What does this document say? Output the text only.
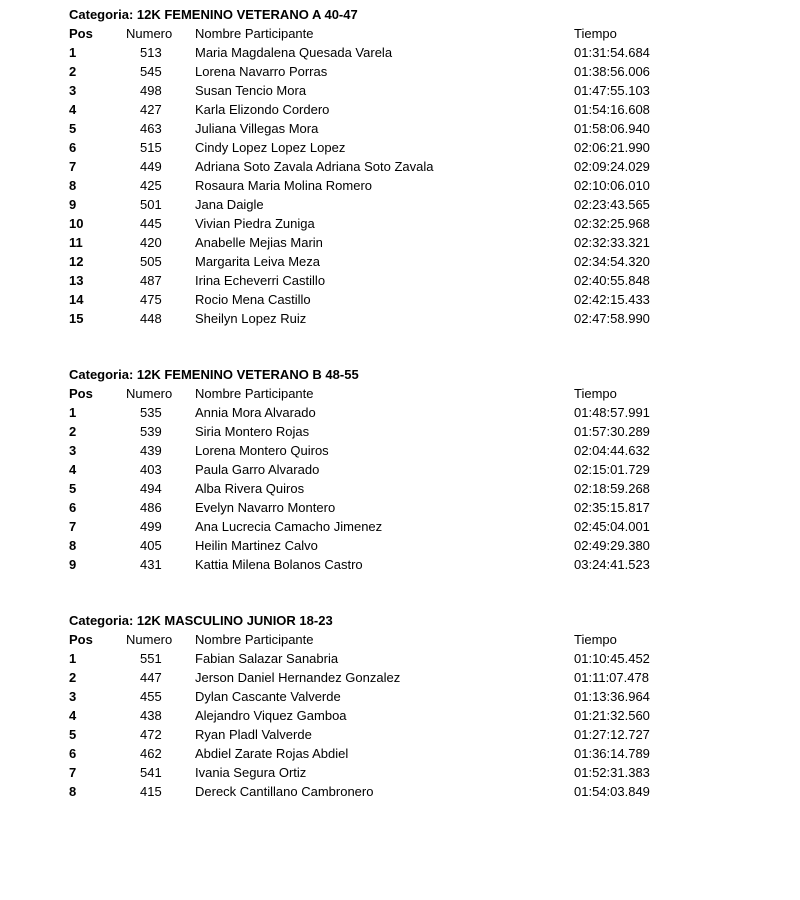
Categoria: 12K FEMENINO VETERANO A 40-47
Pos	Numero Nombre Participante	Tiempo
1	513	Maria Magdalena Quesada Varela	01:31:54.684
2	545	Lorena Navarro Porras	01:38:56.006
3	498	Susan Tencio Mora	01:47:55.103
4	427	Karla Elizondo Cordero	01:54:16.608
5	463	Juliana Villegas Mora	01:58:06.940
6	515	Cindy Lopez Lopez Lopez	02:06:21.990
7	449	Adriana Soto Zavala Adriana Soto Zavala	02:09:24.029
8	425	Rosaura Maria Molina Romero	02:10:06.010
9	501	Jana Daigle	02:23:43.565
10	445	Vivian Piedra Zuniga	02:32:25.968
11	420	Anabelle Mejias Marin	02:32:33.321
12	505	Margarita Leiva Meza	02:34:54.320
13	487	Irina Echeverri Castillo	02:40:55.848
14	475	Rocio Mena Castillo	02:42:15.433
15	448	Sheilyn Lopez Ruiz	02:47:58.990
Categoria: 12K FEMENINO VETERANO B 48-55
Pos	Numero Nombre Participante	Tiempo
1	535	Annia Mora Alvarado	01:48:57.991
2	539	Siria Montero Rojas	01:57:30.289
3	439	Lorena Montero Quiros	02:04:44.632
4	403	Paula Garro Alvarado	02:15:01.729
5	494	Alba Rivera Quiros	02:18:59.268
6	486	Evelyn Navarro Montero	02:35:15.817
7	499	Ana Lucrecia Camacho Jimenez	02:45:04.001
8	405	Heilin Martinez Calvo	02:49:29.380
9	431	Kattia Milena Bolanos Castro	03:24:41.523
Categoria: 12K MASCULINO JUNIOR 18-23
Pos	Numero Nombre Participante	Tiempo
1	551	Fabian Salazar Sanabria	01:10:45.452
2	447	Jerson Daniel Hernandez Gonzalez	01:11:07.478
3	455	Dylan Cascante Valverde	01:13:36.964
4	438	Alejandro Viquez Gamboa	01:21:32.560
5	472	Ryan Pladl Valverde	01:27:12.727
6	462	Abdiel Zarate Rojas Abdiel	01:36:14.789
7	541	Ivania Segura Ortiz	01:52:31.383
8	415	Dereck Cantillano Cambronero	01:54:03.849
